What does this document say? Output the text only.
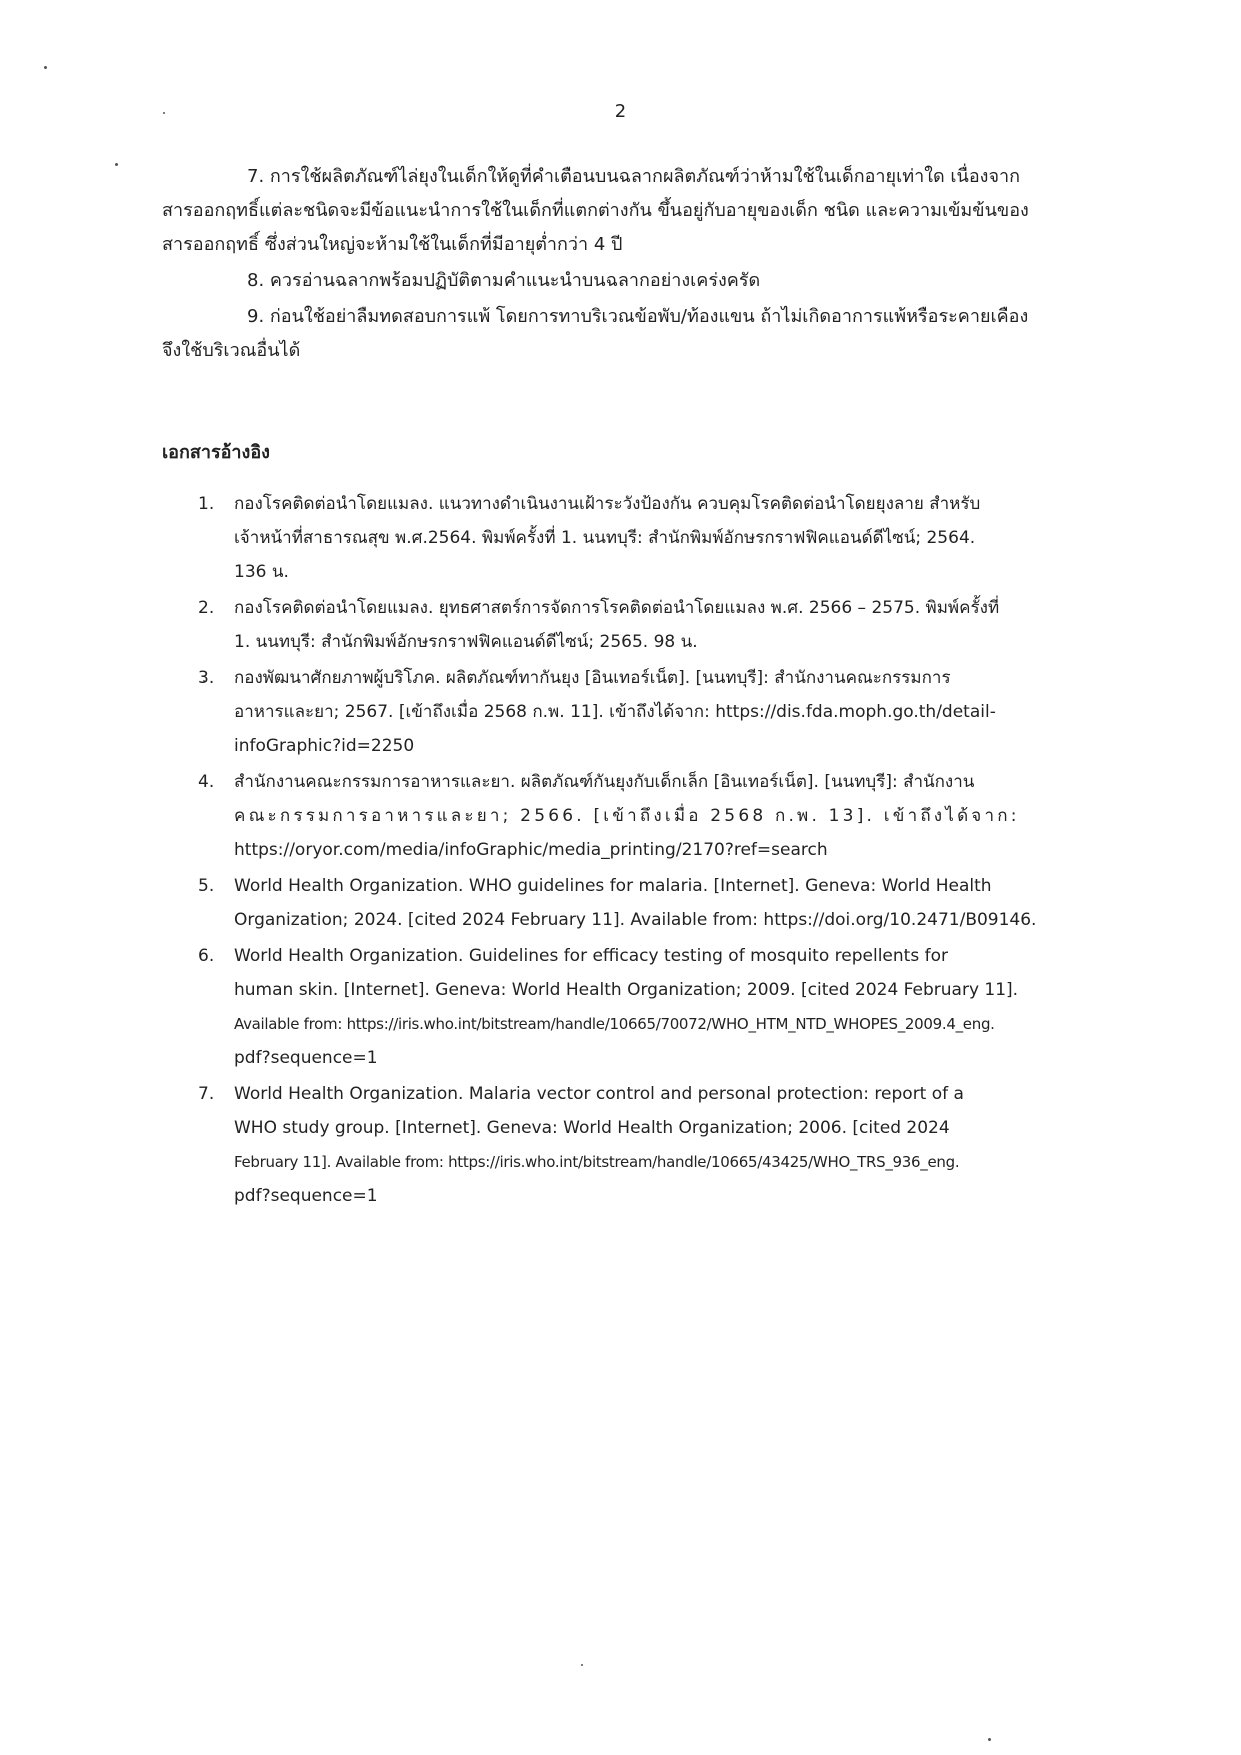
2

7. การใช้ผลิตภัณฑ์ไล่ยุงในเด็กให้ดูที่คำเตือนบนฉลากผลิตภัณฑ์ว่าห้ามใช้ในเด็กอายุเท่าใด เนื่องจาก
สารออกฤทธิ์แต่ละชนิดจะมีข้อแนะนำการใช้ในเด็กที่แตกต่างกัน ขึ้นอยู่กับอายุของเด็ก ชนิด และความเข้มข้นของ
สารออกฤทธิ์ ซึ่งส่วนใหญ่จะห้ามใช้ในเด็กที่มีอายุต่ำกว่า 4 ปี

8. ควรอ่านฉลากพร้อมปฏิบัติตามคำแนะนำบนฉลากอย่างเคร่งครัด

9. ก่อนใช้อย่าลืมทดสอบการแพ้ โดยการทาบริเวณข้อพับ/ท้องแขน ถ้าไม่เกิดอาการแพ้หรือระคายเคือง
จึงใช้บริเวณอื่นได้

เอกสารอ้างอิง
1. กองโรคติดต่อนำโดยแมลง. แนวทางดำเนินงานเฝ้าระวังป้องกัน ควบคุมโรคติดต่อนำโดยยุงลาย สำหรับ
เจ้าหน้าที่สาธารณสุข พ.ศ.2564. พิมพ์ครั้งที่ 1. นนทบุรี: สำนักพิมพ์อักษรกราฟฟิคแอนด์ดีไซน์; 2564.
136 น.
2. กองโรคติดต่อนำโดยแมลง. ยุทธศาสตร์การจัดการโรคติดต่อนำโดยแมลง พ.ศ. 2566 – 2575. พิมพ์ครั้งที่
1. นนทบุรี: สำนักพิมพ์อักษรกราฟฟิคแอนด์ดีไซน์; 2565. 98 น.
3. กองพัฒนาศักยภาพผู้บริโภค. ผลิตภัณฑ์ทากันยุง [อินเทอร์เน็ต]. [นนทบุรี]: สำนักงานคณะกรรมการ
อาหารและยา; 2567. [เข้าถึงเมื่อ 2568 ก.พ. 11]. เข้าถึงได้จาก: https://dis.fda.moph.go.th/detail-
infoGraphic?id=2250
4. สำนักงานคณะกรรมการอาหารและยา. ผลิตภัณฑ์กันยุงกับเด็กเล็ก [อินเทอร์เน็ต]. [นนทบุรี]: สำนักงาน
คณะกรรมการอาหารและยา; 2566. [เข้าถึงเมื่อ 2568 ก.พ. 13]. เข้าถึงได้จาก:
https://oryor.com/media/infoGraphic/media_printing/2170?ref=search
5. World Health Organization. WHO guidelines for malaria. [Internet]. Geneva: World Health
Organization; 2024. [cited 2024 February 11]. Available from: https://doi.org/10.2471/B09146.
6. World Health Organization. Guidelines for efficacy testing of mosquito repellents for
human skin. [Internet]. Geneva: World Health Organization; 2009. [cited 2024 February 11].
Available from: https://iris.who.int/bitstream/handle/10665/70072/WHO_HTM_NTD_WHOPES_2009.4_eng.
pdf?sequence=1
7. World Health Organization. Malaria vector control and personal protection: report of a
WHO study group. [Internet]. Geneva: World Health Organization; 2006. [cited 2024
February 11]. Available from: https://iris.who.int/bitstream/handle/10665/43425/WHO_TRS_936_eng.
pdf?sequence=1
